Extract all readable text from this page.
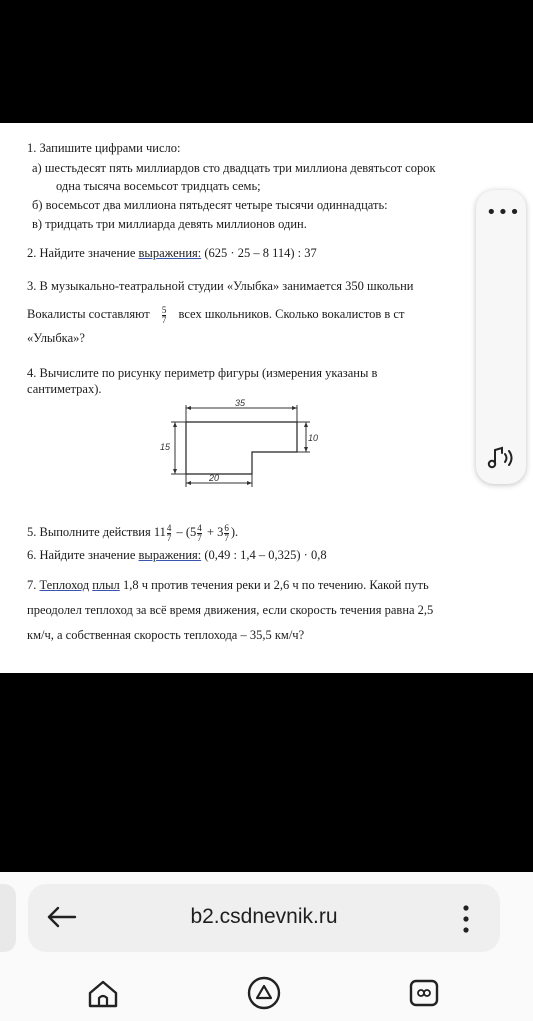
1. Запишите цифрами число:
а) шестьдесят пять миллиардов сто двадцать три миллиона девятьсот сорок
одна тысяча восемьсот тридцать семь;
б) восемьсот два миллиона пятьдесят четыре тысячи одиннадцать:
в) тридцать три миллиарда девять миллионов один.
2. Найдите значение выражения: (625 · 25 – 8 114) : 37
3. В музыкально-театральной студии «Улыбка» занимается 350 школьни
Вокалисты составляют $\frac{5}{7}$ всех школьников. Сколько вокалистов в ст
«Улыбка»?
4. Вычислите по рисунку периметр фигуры (измерения указаны в
сантиметрах).
35
15
10
20
5. Выполните действия $11 \frac{4}{7} - (5 \frac{4}{7} + 3 \frac{6}{7}$ ).
6. Найдите значение выражения: (0,49 : 1,4 – 0,325) · 0,8
7. Теплоход плыл 1,8 ч против течения реки и 2,6 ч по течению. Какой путь
преодолел теплоход за всё время движения, если скорость течения равна 2,5
км/ч, а собственная скорость теплохода – 35,5 км/ч?
•••
b2.csdnevnik.ru
